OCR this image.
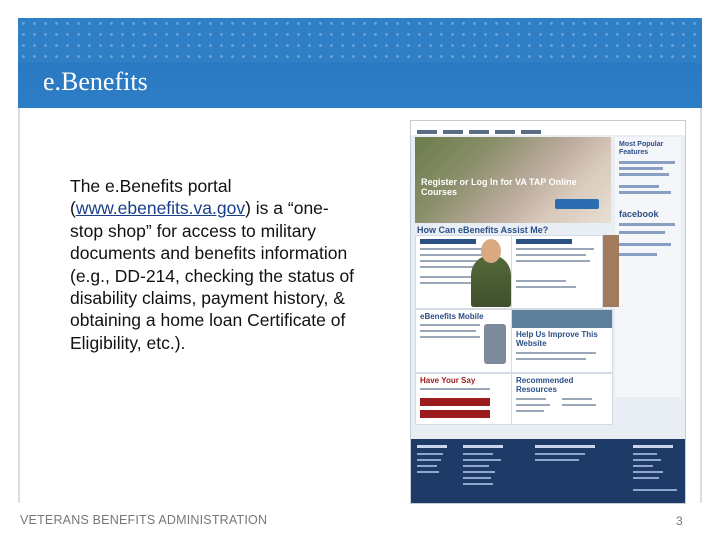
e.Benefits
The e.Benefits portal (www.ebenefits.va.gov) is a “one-stop shop” for access to military documents and benefits information (e.g., DD-214, checking the status of disability claims, payment history, & obtaining a home loan Certificate of Eligibility, etc.).
Register or Log In for VA TAP Online Courses
Most Popular Features
facebook
How Can eBenefits Assist Me?
eBenefits Mobile
Help Us Improve This Website
Have Your Say	Recommended Resources
VETERANS BENEFITS ADMINISTRATION	3
